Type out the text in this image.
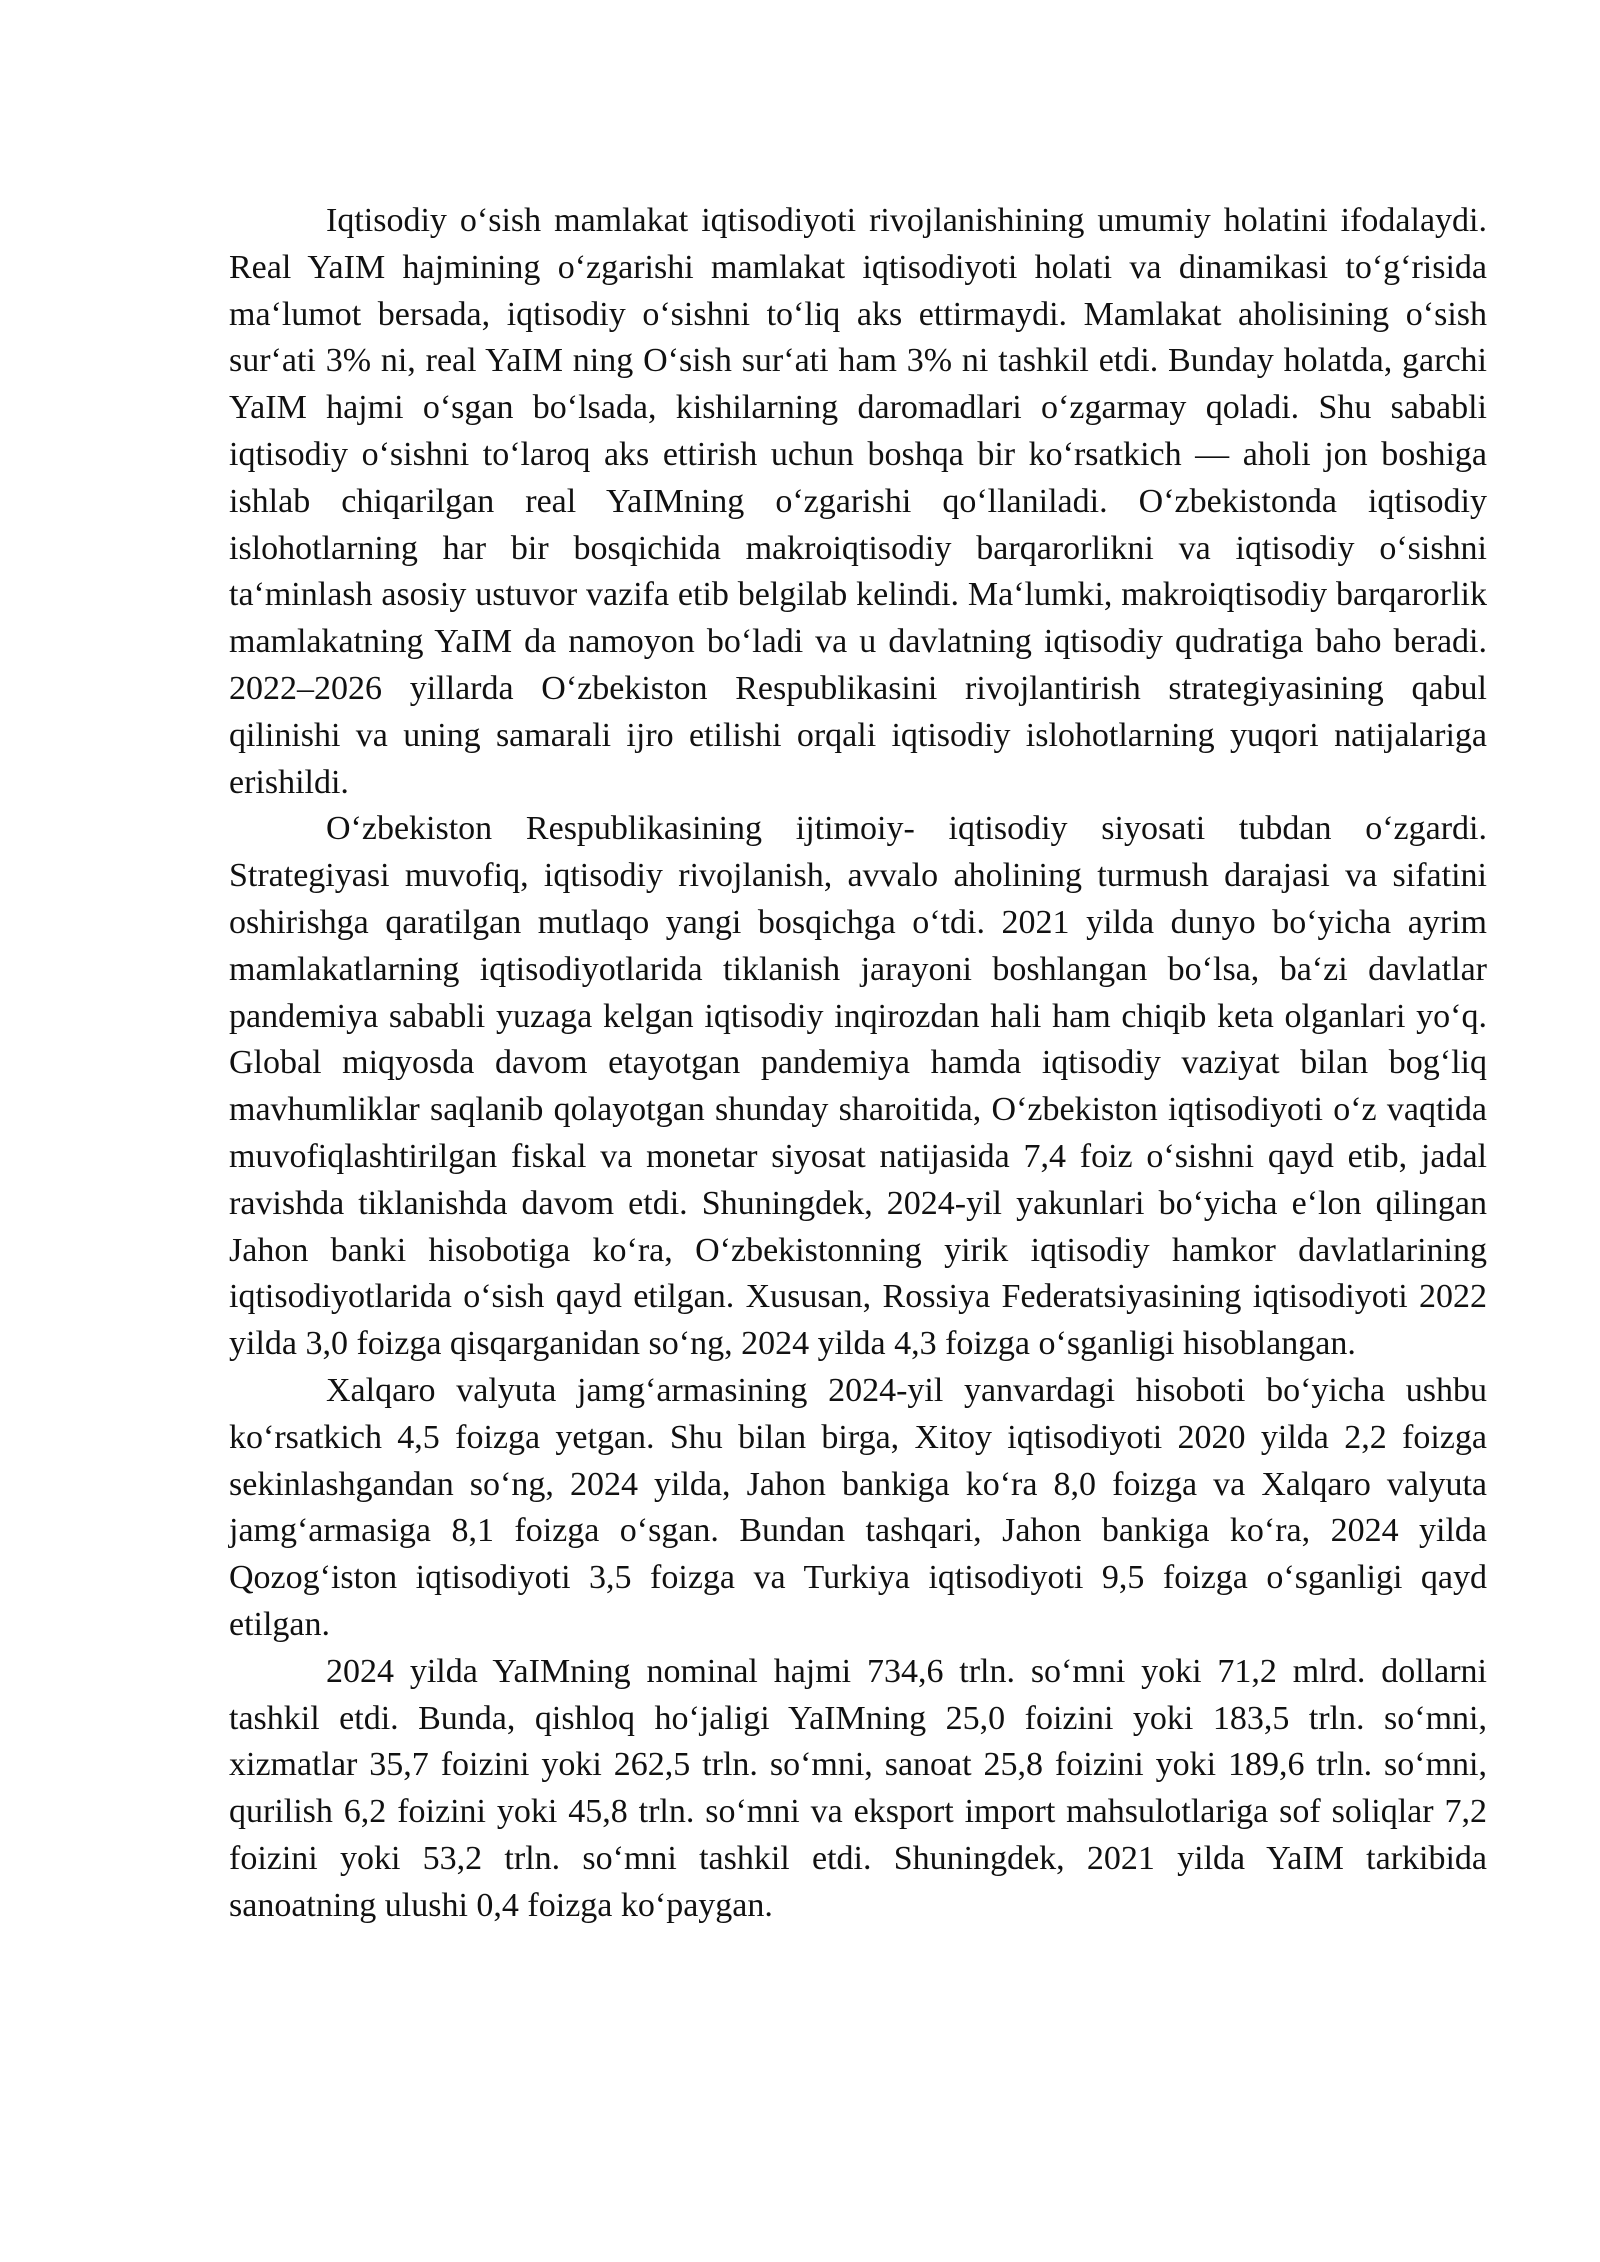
Iqtisodiy oʻsish mamlakat iqtisodiyoti rivojlanishining umumiy holatini ifodalaydi. Real YaIM hajmining oʻzgarishi mamlakat iqtisodiyoti holati va dinamikasi toʻgʻrisida maʻlumot bersada, iqtisodiy oʻsishni toʻliq aks ettirmaydi. Mamlakat aholisining oʻsish surʻati 3% ni, real YaIM ning Oʻsish surʻati ham 3% ni tashkil etdi. Bunday holatda, garchi YaIM hajmi oʻsgan boʻlsada, kishilarning daromadlari oʻzgarmay qoladi. Shu sababli iqtisodiy oʻsishni toʻlaroq aks ettirish uchun boshqa bir koʻrsatkich — aholi jon boshiga ishlab chiqarilgan real YaIMning oʻzgarishi qoʻllaniladi. Oʻzbekistonda iqtisodiy islohotlarning har bir bosqichida makroiqtisodiy barqarorlikni va iqtisodiy oʻsishni taʻminlash asosiy ustuvor vazifa etib belgilab kelindi. Maʻlumki, makroiqtisodiy barqarorlik mamlakatning YaIM da namoyon boʻladi va u davlatning iqtisodiy qudratiga baho beradi. 2022–2026 yillarda Oʻzbekiston Respublikasini rivojlantirish strategiyasining qabul qilinishi va uning samarali ijro etilishi orqali iqtisodiy islohotlarning yuqori natijalariga erishildi.

Oʻzbekiston Respublikasining ijtimoiy- iqtisodiy siyosati tubdan oʻzgardi. Strategiyasi muvofiq, iqtisodiy rivojlanish, avvalo aholining turmush darajasi va sifatini oshirishga qaratilgan mutlaqo yangi bosqichga oʻtdi. 2021 yilda dunyo boʻyicha ayrim mamlakatlarning iqtisodiyotlarida tiklanish jarayoni boshlangan boʻlsa, baʻzi davlatlar pandemiya sababli yuzaga kelgan iqtisodiy inqirozdan hali ham chiqib keta olganlari yoʻq. Global miqyosda davom etayotgan pandemiya hamda iqtisodiy vaziyat bilan bogʻliq mavhumliklar saqlanib qolayotgan shunday sharoitida, Oʻzbekiston iqtisodiyoti oʻz vaqtida muvofiqlashtirilgan fiskal va monetar siyosat natijasida 7,4 foiz oʻsishni qayd etib, jadal ravishda tiklanishda davom etdi. Shuningdek, 2024-yil yakunlari boʻyicha eʻlon qilingan Jahon banki hisobotiga koʻra, Oʻzbekistonning yirik iqtisodiy hamkor davlatlarining iqtisodiyotlarida oʻsish qayd etilgan. Xususan, Rossiya Federatsiyasining iqtisodiyoti 2022 yilda 3,0 foizga qisqarganidan soʻng, 2024 yilda 4,3 foizga oʻsganligi hisoblangan.

Xalqaro valyuta jamgʻarmasining 2024-yil yanvardagi hisoboti boʻyicha ushbu koʻrsatkich 4,5 foizga yetgan. Shu bilan birga, Xitoy iqtisodiyoti 2020 yilda 2,2 foizga sekinlashgandan soʻng, 2024 yilda, Jahon bankiga koʻra 8,0 foizga va Xalqaro valyuta jamgʻarmasiga 8,1 foizga oʻsgan. Bundan tashqari, Jahon bankiga koʻra, 2024 yilda Qozogʻiston iqtisodiyoti 3,5 foizga va Turkiya iqtisodiyoti 9,5 foizga oʻsganligi qayd etilgan.

2024 yilda YaIMning nominal hajmi 734,6 trln. soʻmni yoki 71,2 mlrd. dollarni tashkil etdi. Bunda, qishloq hoʻjaligi YaIMning 25,0 foizini yoki 183,5 trln. soʻmni, xizmatlar 35,7 foizini yoki 262,5 trln. soʻmni, sanoat 25,8 foizini yoki 189,6 trln. soʻmni, qurilish 6,2 foizini yoki 45,8 trln. soʻmni va eksport import mahsulotlariga sof soliqlar 7,2 foizini yoki 53,2 trln. soʻmni tashkil etdi. Shuningdek, 2021 yilda YaIM tarkibida sanoatning ulushi 0,4 foizga koʻpaygan.
